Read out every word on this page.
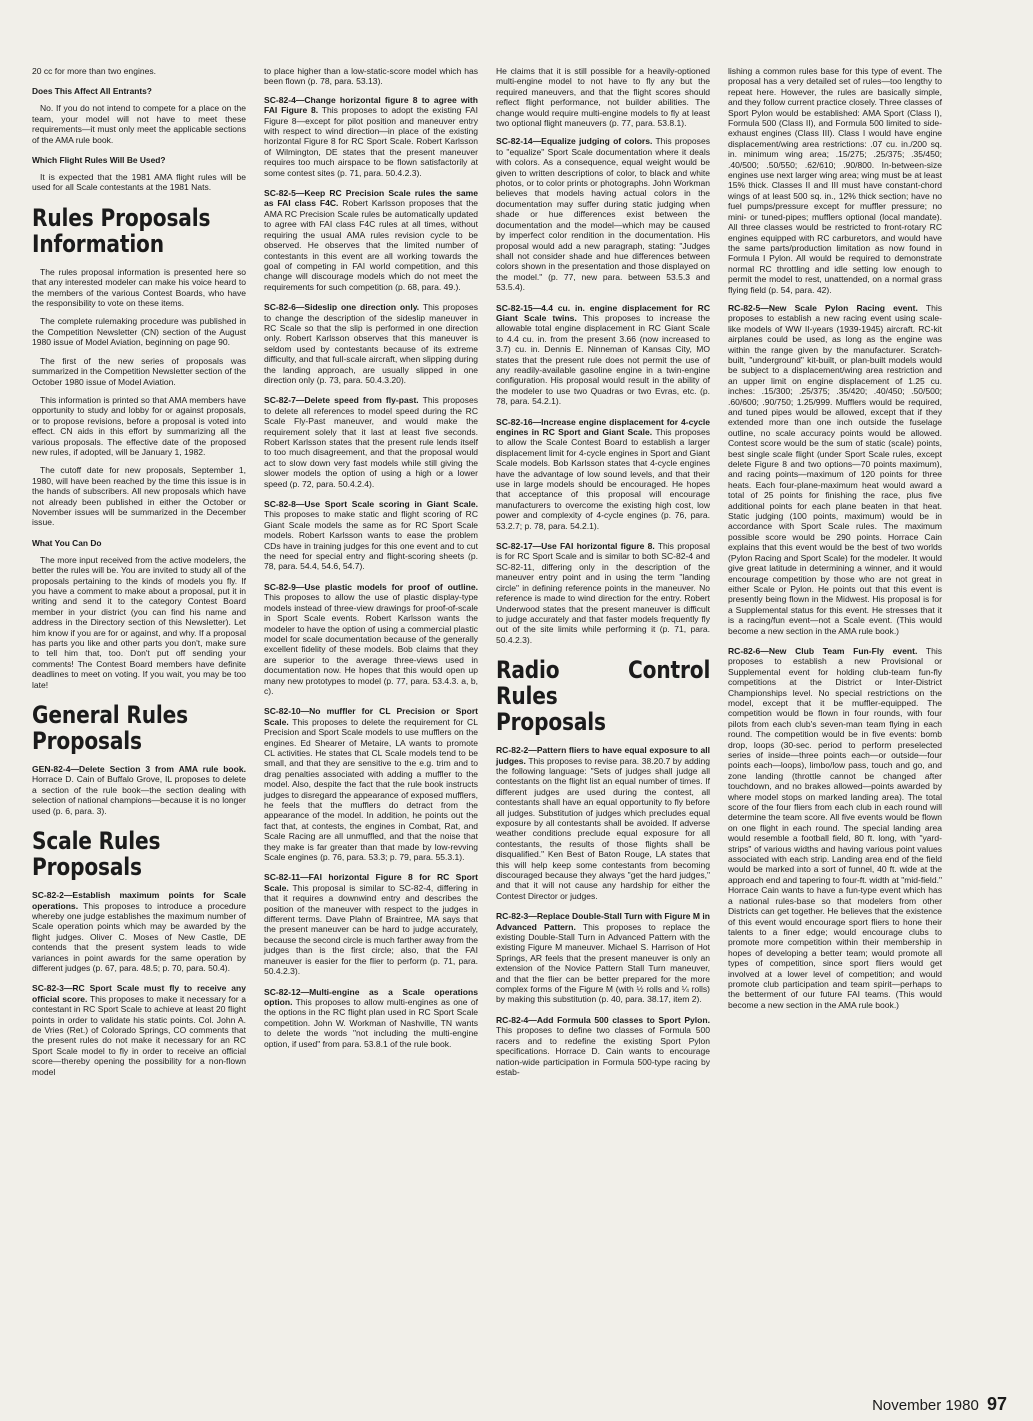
20 cc for more than two engines.

Does This Affect All Entrants?

No. If you do not intend to compete for a place on the team, your model will not have to meet these requirements—it must only meet the applicable sections of the AMA rule book.

Which Flight Rules Will Be Used?

It is expected that the 1981 AMA flight rules will be used for all Scale contestants at the 1981 Nats.

Rules Proposals
Information

The rules proposal information is presented here so that any interested modeler can make his voice heard to the members of the various Contest Boards, who have the responsibility to vote on these items.

The complete rulemaking procedure was published in the Competition Newsletter (CN) section of the August 1980 issue of Model Aviation, beginning on page 90.

The first of the new series of proposals was summarized in the Competition Newsletter section of the October 1980 issue of Model Aviation.

This information is printed so that AMA members have opportunity to study and lobby for or against proposals, or to propose revisions, before a proposal is voted into effect. CN aids in this effort by summarizing all the various proposals. The effective date of the proposed new rules, if adopted, will be January 1, 1982.

The cutoff date for new proposals, September 1, 1980, will have been reached by the time this issue is in the hands of subscribers. All new proposals which have not already been published in either the October or November issues will be summarized in the December issue.

What You Can Do

The more input received from the active modelers, the better the rules will be. You are invited to study all of the proposals pertaining to the kinds of models you fly. If you have a comment to make about a proposal, put it in writing and send it to the category Contest Board member in your district (you can find his name and address in the Directory section of this Newsletter). Let him know if you are for or against, and why. If a proposal has parts you like and other parts you don't, make sure to tell him that, too. Don't put off sending your comments! The Contest Board members have definite deadlines to meet on voting. If you wait, you may be too late!

General Rules
Proposals
GEN-82-4—Delete Section 3 from AMA rule book. Horrace D. Cain of Buffalo Grove, IL proposes to delete a section of the rule book—the section dealing with selection of national champions—because it is no longer used (p. 6, para. 3).
Scale Rules
Proposals
SC-82-2—Establish maximum points for Scale operations. This proposes to introduce a procedure whereby one judge establishes the maximum number of Scale operation points which may be awarded by the flight judges. Oliver C. Moses of New Castle, DE contends that the present system leads to wide variances in point awards for the same operation by different judges (p. 67, para. 48.5; p. 70, para. 50.4).
SC-82-3—RC Sport Scale must fly to receive any official score. This proposes to make it necessary for a contestant in RC Sport Scale to achieve at least 20 flight points in order to validate his static points. Col. John A. de Vries (Ret.) of Colorado Springs, CO comments that the present rules do not make it necessary for an RC Sport Scale model to fly in order to receive an official score—thereby opening the possibility for a non-flown model

to place higher than a low-static-score model which has been flown (p. 78, para. 53.13).

SC-82-4—Change horizontal figure 8 to agree with FAI Figure 8. This proposes to adopt the existing FAI Figure 8—except for pilot position and maneuver entry with respect to wind direction—in place of the existing horizontal Figure 8 for RC Sport Scale. Robert Karlsson of Wilmington, DE states that the present maneuver requires too much airspace to be flown satisfactorily at some contest sites (p. 71, para. 50.4.2.3).
SC-82-5—Keep RC Precision Scale rules the same as FAI class F4C. Robert Karlsson proposes that the AMA RC Precision Scale rules be automatically updated to agree with FAI class F4C rules at all times, without requiring the usual AMA rules revision cycle to be observed. He observes that the limited number of contestants in this event are all working towards the goal of competing in FAI world competition, and this change will discourage models which do not meet the requirements for such competition (p. 68, para. 49.).
SC-82-6—Sideslip one direction only. This proposes to change the description of the sideslip maneuver in RC Scale so that the slip is performed in one direction only. Robert Karlsson observes that this maneuver is seldom used by contestants because of its extreme difficulty, and that full-scale aircraft, when slipping during the landing approach, are usually slipped in one direction only (p. 73, para. 50.4.3.20).
SC-82-7—Delete speed from fly-past. This proposes to delete all references to model speed during the RC Scale Fly-Past maneuver, and would make the requirement solely that it last at least five seconds. Robert Karlsson states that the present rule lends itself to too much disagreement, and that the proposal would act to slow down very fast models while still giving the slower models the option of using a high or a lower speed (p. 72, para. 50.4.2.4).
SC-82-8—Use Sport Scale scoring in Giant Scale. This proposes to make static and flight scoring of RC Giant Scale models the same as for RC Sport Scale models. Robert Karlsson wants to ease the problem CDs have in training judges for this one event and to cut the need for special entry and flight-scoring sheets (p. 78, para. 54.4, 54.6, 54.7).
SC-82-9—Use plastic models for proof of outline. This proposes to allow the use of plastic display-type models instead of three-view drawings for proof-of-scale in Sport Scale events. Robert Karlsson wants the modeler to have the option of using a commercial plastic model for scale documentation because of the generally excellent fidelity of these models. Bob claims that they are superior to the average three-views used in documentation now. He hopes that this would open up many new prototypes to model (p. 77, para. 53.4.3. a, b, c).
SC-82-10—No muffler for CL Precision or Sport Scale. This proposes to delete the requirement for CL Precision and Sport Scale models to use mufflers on the engines. Ed Shearer of Metaire, LA wants to promote CL activities. He states that CL Scale models tend to be small, and that they are sensitive to the e.g. trim and to drag penalties associated with adding a muffler to the model. Also, despite the fact that the rule book instructs judges to disregard the appearance of exposed mufflers, he feels that the mufflers do detract from the appearance of the model. In addition, he points out the fact that, at contests, the engines in Combat, Rat, and Scale Racing are all unmuffled, and that the noise that they make is far greater than that made by low-revving Scale engines (p. 76, para. 53.3; p. 79, para. 55.3.1).
SC-82-11—FAI horizontal Figure 8 for RC Sport Scale. This proposal is similar to SC-82-4, differing in that it requires a downwind entry and describes the position of the maneuver with respect to the judges in different terms. Dave Plahn of Braintree, MA says that the present maneuver can be hard to judge accurately, because the second circle is much farther away from the judges than is the first circle; also, that the FAI maneuver is easier for the flier to perform (p. 71, para. 50.4.2.3).
SC-82-12—Multi-engine as a Scale operations option. This proposes to allow multi-engines as one of the options in the RC flight plan used in RC Sport Scale competition. John W. Workman of Nashville, TN wants to delete the words "not including the multi-engine option, if used" from para. 53.8.1 of the rule book.

He claims that it is still possible for a heavily-optioned multi-engine model to not have to fly any but the required maneuvers, and that the flight scores should reflect flight performance, not builder abilities. The change would require multi-engine models to fly at least two optional flight maneuvers (p. 77, para. 53.8.1).

SC-82-14—Equalize judging of colors. This proposes to "equalize" Sport Scale documentation where it deals with colors. As a consequence, equal weight would be given to written descriptions of color, to black and white photos, or to color prints or photographs. John Workman believes that models having actual colors in the documentation may suffer during static judging when shade or hue differences exist between the documentation and the model—which may be caused by imperfect color rendition in the documentation. His proposal would add a new paragraph, stating: "Judges shall not consider shade and hue differences between colors shown in the presentation and those displayed on the model." (p. 77, new para. between 53.5.3 and 53.5.4).
SC-82-15—4.4 cu. in. engine displacement for RC Giant Scale twins. This proposes to increase the allowable total engine displacement in RC Giant Scale to 4.4 cu. in. from the present 3.66 (now increased to 3.7) cu. in. Dennis E. Ninneman of Kansas City, MO states that the present rule does not permit the use of any readily-available gasoline engine in a twin-engine configuration. His proposal would result in the ability of the modeler to use two Quadras or two Evras, etc. (p. 78, para. 54.2.1).
SC-82-16—Increase engine displacement for 4-cycle engines in RC Sport and Giant Scale. This proposes to allow the Scale Contest Board to establish a larger displacement limit for 4-cycle engines in Sport and Giant Scale models. Bob Karlsson states that 4-cycle engines have the advantage of low sound levels, and that their use in large models should be encouraged. He hopes that acceptance of this proposal will encourage manufacturers to overcome the existing high cost, low power and complexity of 4-cycle engines (p. 76, para. 53.2.7; p. 78, para. 54.2.1).
SC-82-17—Use FAI horizontal figure 8. This proposal is for RC Sport Scale and is similar to both SC-82-4 and SC-82-11, differing only in the description of the maneuver entry point and in using the term "landing circle" in defining reference points in the maneuver. No reference is made to wind direction for the entry. Robert Underwood states that the present maneuver is difficult to judge accurately and that faster models frequently fly out of the site limits while performing it (p. 71, para. 50.4.2.3).
Radio Control Rules
Proposals
RC-82-2—Pattern fliers to have equal exposure to all judges. This proposes to revise para. 38.20.7 by adding the following language: "Sets of judges shall judge all contestants on the flight list an equal number of times. If different judges are used during the contest, all contestants shall have an equal opportunity to fly before all judges. Substitution of judges which precludes equal exposure by all contestants shall be avoided. If adverse weather conditions preclude equal exposure for all contestants, the results of those flights shall be disqualified." Ken Best of Baton Rouge, LA states that this will help keep some contestants from becoming discouraged because they always "get the hard judges," and that it will not cause any hardship for either the Contest Director or judges.
RC-82-3—Replace Double-Stall Turn with Figure M in Advanced Pattern. This proposes to replace the existing Double-Stall Turn in Advanced Pattern with the existing Figure M maneuver. Michael S. Harrison of Hot Springs, AR feels that the present maneuver is only an extension of the Novice Pattern Stall Turn maneuver, and that the flier can be better prepared for the more complex forms of the Figure M (with ½ rolls and ¼ rolls) by making this substitution (p. 40, para. 38.17, item 2).
RC-82-4—Add Formula 500 classes to Sport Pylon. This proposes to define two classes of Formula 500 racers and to redefine the existing Sport Pylon specifications. Horrace D. Cain wants to encourage nation-wide participation in Formula 500-type racing by estab-

lishing a common rules base for this type of event. The proposal has a very detailed set of rules—too lengthy to repeat here. However, the rules are basically simple, and they follow current practice closely. Three classes of Sport Pylon would be established: AMA Sport (Class I), Formula 500 (Class II), and Formula 500 limited to side-exhaust engines (Class III). Class I would have engine displacement/wing area restrictions: .07 cu. in./200 sq. in. minimum wing area; .15/275; .25/375; .35/450; .40/500; .50/550; .62/610; .90/800. In-between-size engines use next larger wing area; wing must be at least 15% thick. Classes II and III must have constant-chord wings of at least 500 sq. in., 12% thick section; have no fuel pumps/pressure except for muffler pressure; no mini- or tuned-pipes; mufflers optional (local mandate). All three classes would be restricted to front-rotary RC engines equipped with RC carburetors, and would have the same parts/production limitation as now found in Formula I Pylon. All would be required to demonstrate normal RC throttling and idle setting low enough to permit the model to rest, unattended, on a normal grass flying field (p. 54, para. 42).

RC-82-5—New Scale Pylon Racing event. This proposes to establish a new racing event using scale-like models of WW II-years (1939-1945) aircraft. RC-kit airplanes could be used, as long as the engine was within the range given by the manufacturer. Scratch-built, "underground" kit-built, or plan-built models would be subject to a displacement/wing area restriction and an upper limit on engine displacement of 1.25 cu. inches: .15/300; .25/375; .35/420; .40/450; .50/500; .60/600; .90/750; 1.25/999. Mufflers would be required, and tuned pipes would be allowed, except that if they extended more than one inch outside the fuselage outline, no scale accuracy points would be allowed. Contest score would be the sum of static (scale) points, best single scale flight (under Sport Scale rules, except delete Figure 8 and two options—70 points maximum), and racing points—maximum of 120 points for three heats. Each four-plane-maximum heat would award a total of 25 points for finishing the race, plus five additional points for each plane beaten in that heat. Static judging (100 points, maximum) would be in accordance with Sport Scale rules. The maximum possible score would be 290 points. Horrace Cain explains that this event would be the best of two worlds (Pylon Racing and Sport Scale) for the modeler. It would give great latitude in determining a winner, and it would encourage competition by those who are not great in either Scale or Pylon. He points out that this event is presently being flown in the Midwest. His proposal is for a Supplemental status for this event. He stresses that it is a racing/fun event—not a Scale event. (This would become a new section in the AMA rule book.)
RC-82-6—New Club Team Fun-Fly event. This proposes to establish a new Provisional or Supplemental event for holding club-team fun-fly competitions at the District or Inter-District Championships level. No special restrictions on the model, except that it be muffler-equipped. The competition would be flown in four rounds, with four pilots from each club's seven-man team flying in each round. The competition would be in five events: bomb drop, loops (30-sec. period to perform preselected series of inside—three points each—or outside—four points each—loops), limbo/low pass, touch and go, and zone landing (throttle cannot be changed after touchdown, and no brakes allowed—points awarded by where model stops on marked landing area). The total score of the four fliers from each club in each round will determine the team score. All five events would be flown on one flight in each round. The special landing area would resemble a football field, 80 ft. long, with "yard-strips" of various widths and having various point values associated with each strip. Landing area end of the field would be marked into a sort of funnel, 40 ft. wide at the approach end and tapering to four-ft. width at "mid-field." Horrace Cain wants to have a fun-type event which has a national rules-base so that modelers from other Districts can get together. He believes that the existence of this event would encourage sport fliers to hone their talents to a finer edge; would encourage clubs to promote more competition within their membership in hopes of developing a better team; would promote all types of competition, since sport fliers would get involved at a lower level of competition; and would promote club participation and team spirit—perhaps to the betterment of our future FAI teams. (This would become a new section in the AMA rule book.)
November 1980 97
